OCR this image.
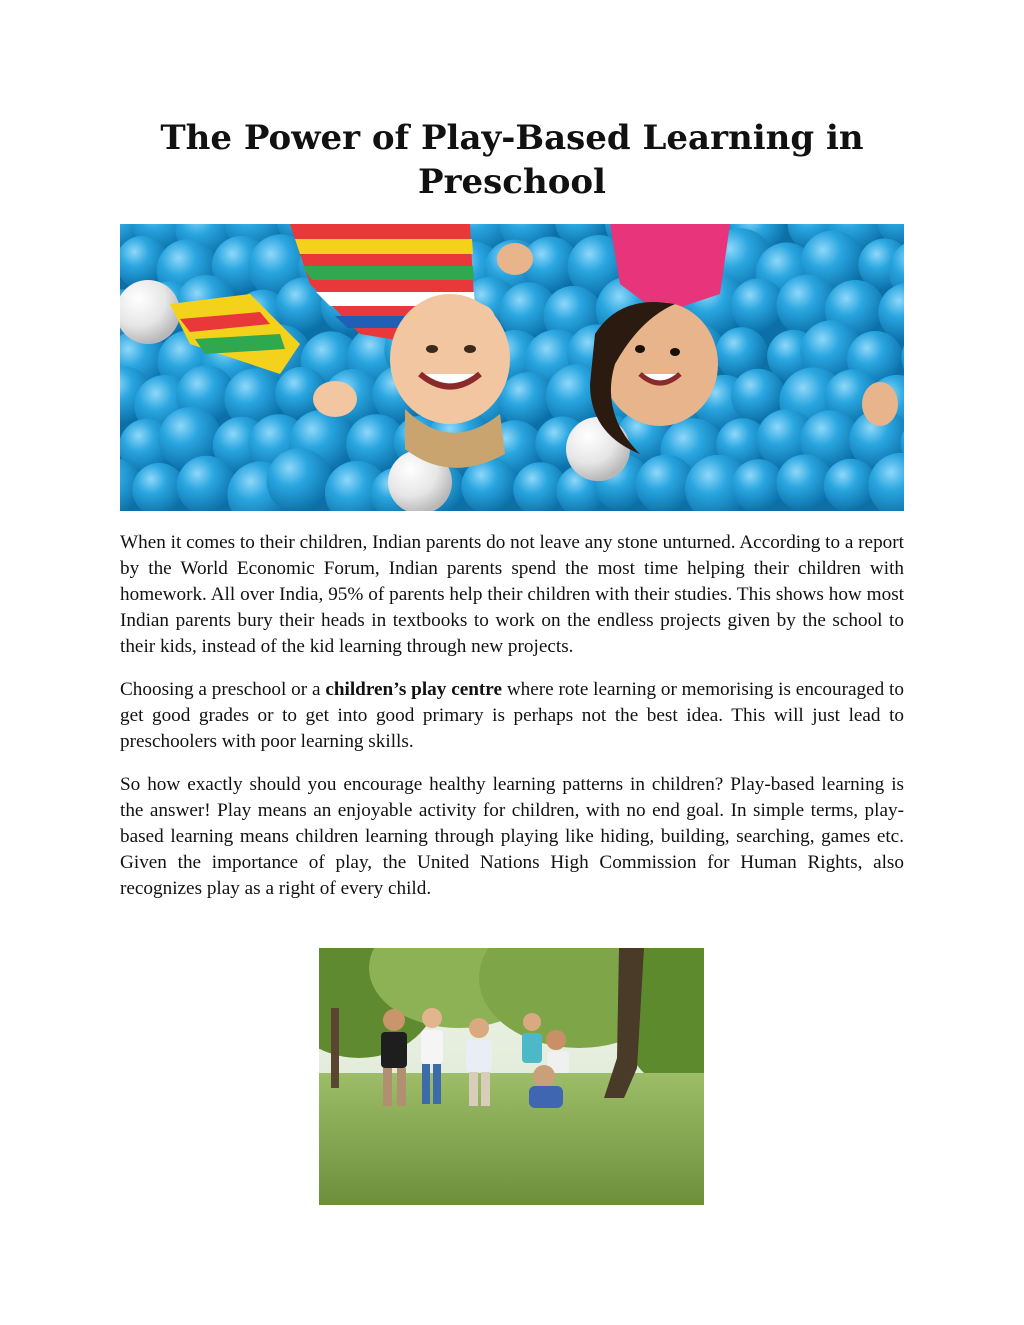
The Power of Play-Based Learning in Preschool

When it comes to their children, Indian parents do not leave any stone unturned. According to a report by the World Economic Forum, Indian parents spend the most time helping their children with homework. All over India, 95% of parents help their children with their studies. This shows how most Indian parents bury their heads in textbooks to work on the endless projects given by the school to their kids, instead of the kid learning through new projects.

Choosing a preschool or a children’s play centre where rote learning or memorising is encouraged to get good grades or to get into good primary is perhaps not the best idea. This will just lead to preschoolers with poor learning skills.

So how exactly should you encourage healthy learning patterns in children? Play-based learning is the answer! Play means an enjoyable activity for children, with no end goal. In simple terms, play-based learning means children learning through playing like hiding, building, searching, games etc. Given the importance of play, the United Nations High Commission for Human Rights, also recognizes play as a right of every child.
